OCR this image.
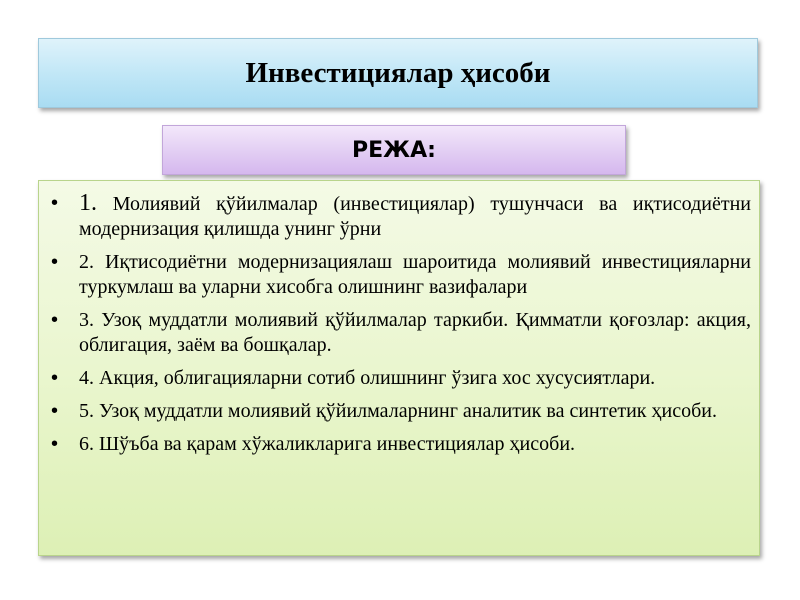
Инвестициялар ҳисоби
РЕЖА:
• 1. Молиявий қўйилмалар (инвестициялар) тушунчаси ва иқтисодиётни модернизация қилишда унинг ўрни
• 2. Иқтисодиётни модернизациялаш шароитида молиявий инвестицияларни туркумлаш ва уларни хисобга олишнинг вазифалари
• 3. Узоқ муддатли молиявий қўйилмалар таркиби. Қимматли қоғозлар: акция, облигация, заём ва бошқалар.
• 4. Акция, облигацияларни сотиб олишнинг ўзига хос хусусиятлари.
• 5. Узоқ муддатли молиявий қўйилмаларнинг аналитик ва синтетик ҳисоби.
• 6. Шўъба ва қарам хўжаликларига инвестициялар ҳисоби.
